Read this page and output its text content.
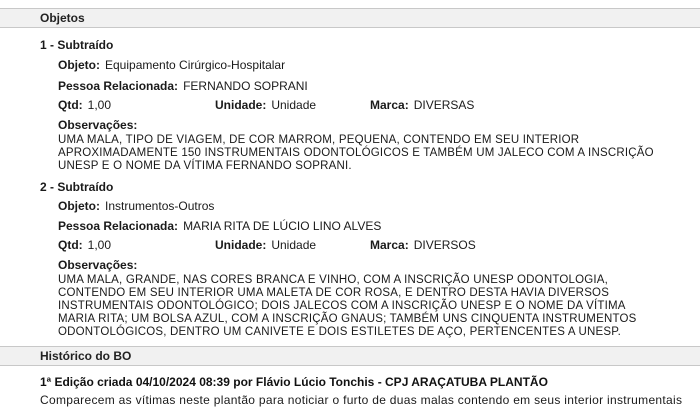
Objetos
1 - Subtraído
Objeto: Equipamento Cirúrgico-Hospitalar
Pessoa Relacionada: FERNANDO SOPRANI
Qtd: 1,00	Unidade: Unidade	Marca: DIVERSAS
Observações:
UMA MALA, TIPO DE VIAGEM, DE COR MARROM, PEQUENA, CONTENDO EM SEU INTERIOR
APROXIMADAMENTE 150 INSTRUMENTAIS ODONTOLÓGICOS E TAMBÉM UM JALECO COM A INSCRIÇÃO
UNESP E O NOME DA VÍTIMA FERNANDO SOPRANI.
2 - Subtraído
Objeto: Instrumentos-Outros
Pessoa Relacionada: MARIA RITA DE LÚCIO LINO ALVES
Qtd: 1,00	Unidade: Unidade	Marca: DIVERSOS
Observações:
UMA MALA, GRANDE, NAS CORES BRANCA E VINHO, COM A INSCRIÇÃO UNESP ODONTOLOGIA,
CONTENDO EM SEU INTERIOR UMA MALETA DE COR ROSA, E DENTRO DESTA HAVIA DIVERSOS
INSTRUMENTAIS ODONTOLÓGICO; DOIS JALECOS COM A INSCRIÇÃO UNESP E O NOME DA VÍTIMA
MARIA RITA; UM BOLSA AZUL, COM A INSCRIÇÃO GNAUS; TAMBÉM UNS CINQUENTA INSTRUMENTOS
ODONTOLÓGICOS, DENTRO UM CANIVETE E DOIS ESTILETES DE AÇO, PERTENCENTES A UNESP.
Histórico do BO
1ª Edição criada 04/10/2024 08:39 por Flávio Lúcio Tonchis - CPJ ARAÇATUBA PLANTÃO
Comparecem as vítimas neste plantão para noticiar o furto de duas malas contendo em seus interior instrumentais
